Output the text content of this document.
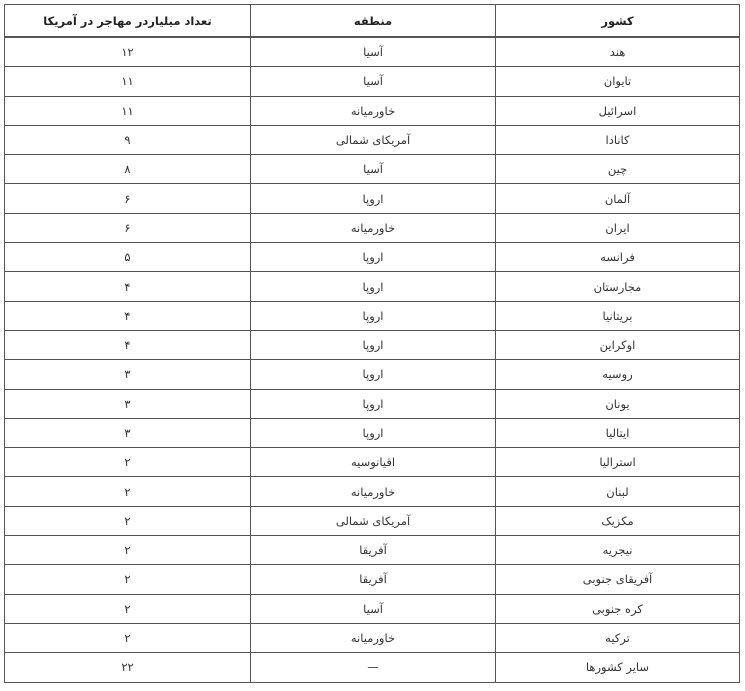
کشور	منطقه	تعداد میلیاردر مهاجر در آمریکا
هند	آسیا	۱۲
تایوان	آسیا	۱۱
اسرائیل	خاورمیانه	۱۱
کانادا	آمریکای شمالی	۹
چین	آسیا	۸
آلمان	اروپا	۶
ایران	خاورمیانه	۶
فرانسه	اروپا	۵
مجارستان	اروپا	۴
بریتانیا	اروپا	۴
اوکراین	اروپا	۴
روسیه	اروپا	۳
یونان	اروپا	۳
ایتالیا	اروپا	۳
استرالیا	اقیانوسیه	۲
لبنان	خاورمیانه	۲
مکزیک	آمریکای شمالی	۲
نیجریه	آفریقا	۲
آفریقای جنوبی	آفریقا	۲
کره جنوبی	آسیا	۲
ترکیه	خاورمیانه	۲
سایر کشورها	—	۲۲
